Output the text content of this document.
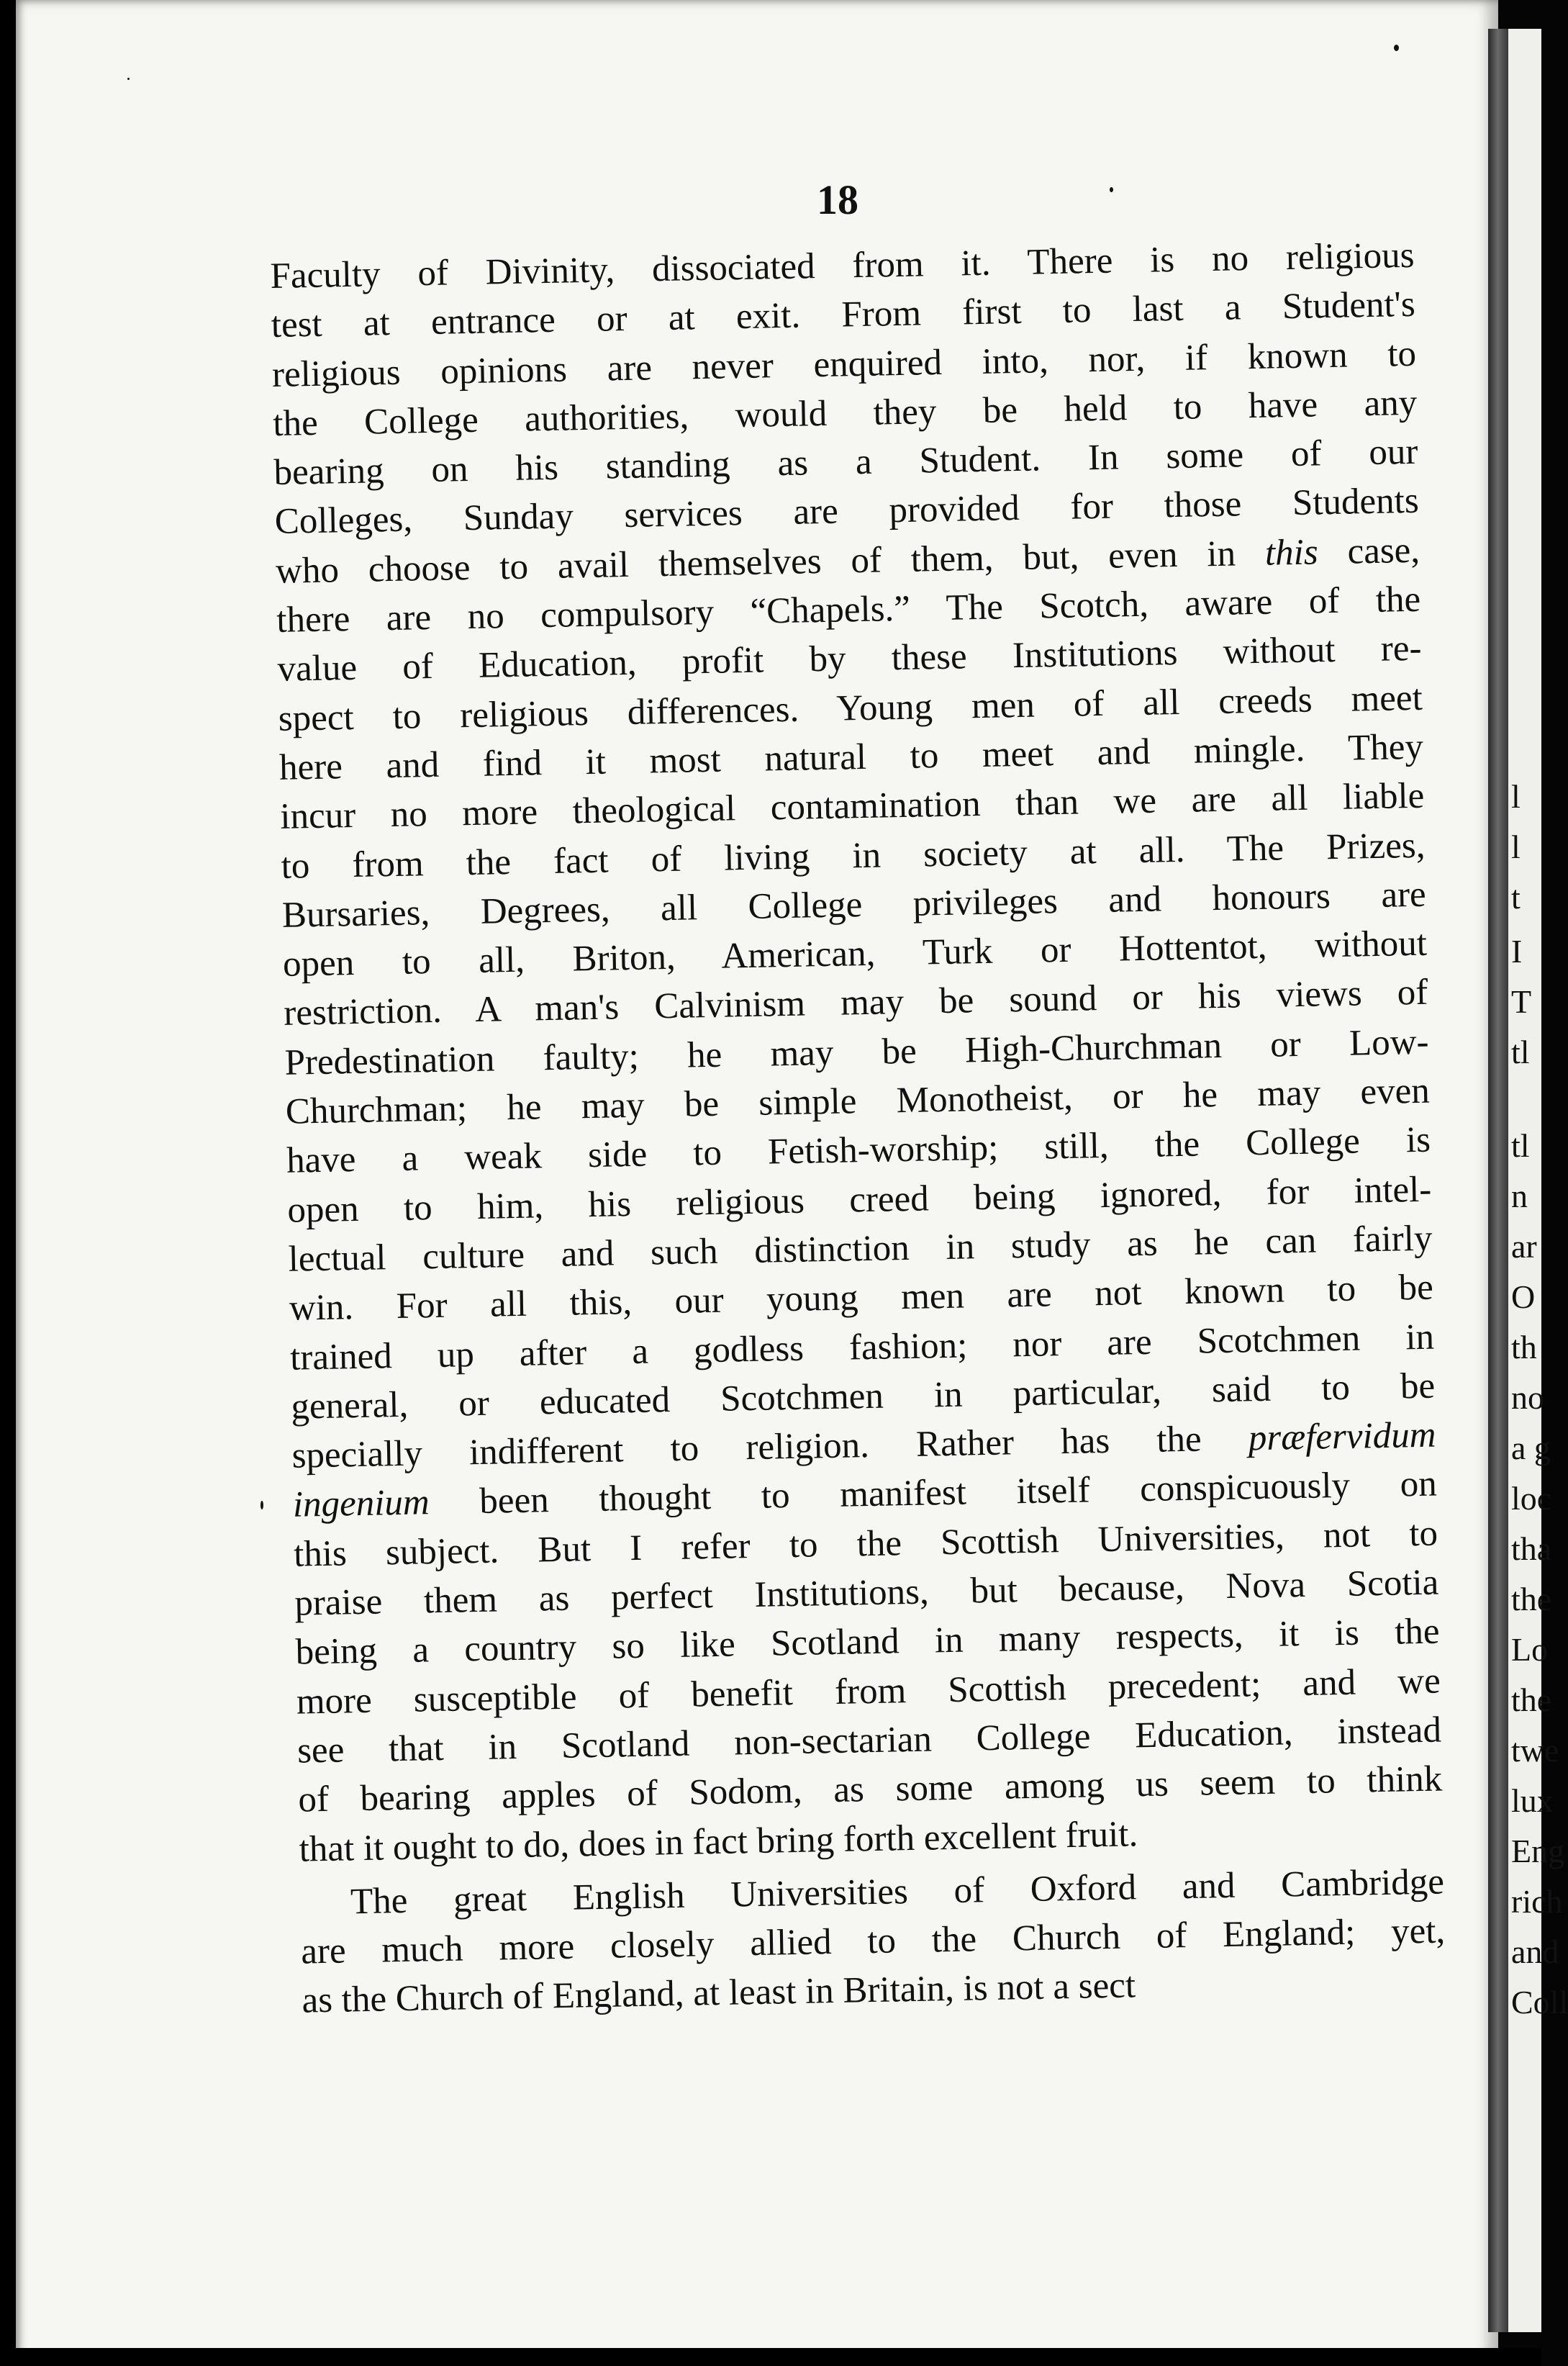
18
Faculty of Divinity, dissociated from it. There is no religious
test at entrance or at exit. From first to last a Student's
religious opinions are never enquired into, nor, if known to
the College authorities, would they be held to have any
bearing on his standing as a Student. In some of our
Colleges, Sunday services are provided for those Students
who choose to avail themselves of them, but, even in this case,
there are no compulsory “Chapels.” The Scotch, aware of the
value of Education, profit by these Institutions without re-
spect to religious differences. Young men of all creeds meet
here and find it most natural to meet and mingle. They
incur no more theological contamination than we are all liable
to from the fact of living in society at all. The Prizes,
Bursaries, Degrees, all College privileges and honours are
open to all, Briton, American, Turk or Hottentot, without
restriction. A man's Calvinism may be sound or his views of
Predestination faulty; he may be High-Churchman or Low-
Churchman; he may be simple Monotheist, or he may even
have a weak side to Fetish-worship; still, the College is
open to him, his religious creed being ignored, for intel-
lectual culture and such distinction in study as he can fairly
win. For all this, our young men are not known to be
trained up after a godless fashion; nor are Scotchmen in
general, or educated Scotchmen in particular, said to be
specially indifferent to religion. Rather has the præfervidum
ingenium been thought to manifest itself conspicuously on
this subject. But I refer to the Scottish Universities, not to
praise them as perfect Institutions, but because, Nova Scotia
being a country so like Scotland in many respects, it is the
more susceptible of benefit from Scottish precedent; and we
see that in Scotland non-sectarian College Education, instead
of bearing apples of Sodom, as some among us seem to think
that it ought to do, does in fact bring forth excellent fruit.
The great English Universities of Oxford and Cambridge
are much more closely allied to the Church of England; yet,
as the Church of England, at least in Britain, is not a sect
l
l
t
I
T
tl
tl
n
ar
O
th
no
a g
loc
tha
the
Lo
the
twe
lux
Eng
rich
and
Coll
